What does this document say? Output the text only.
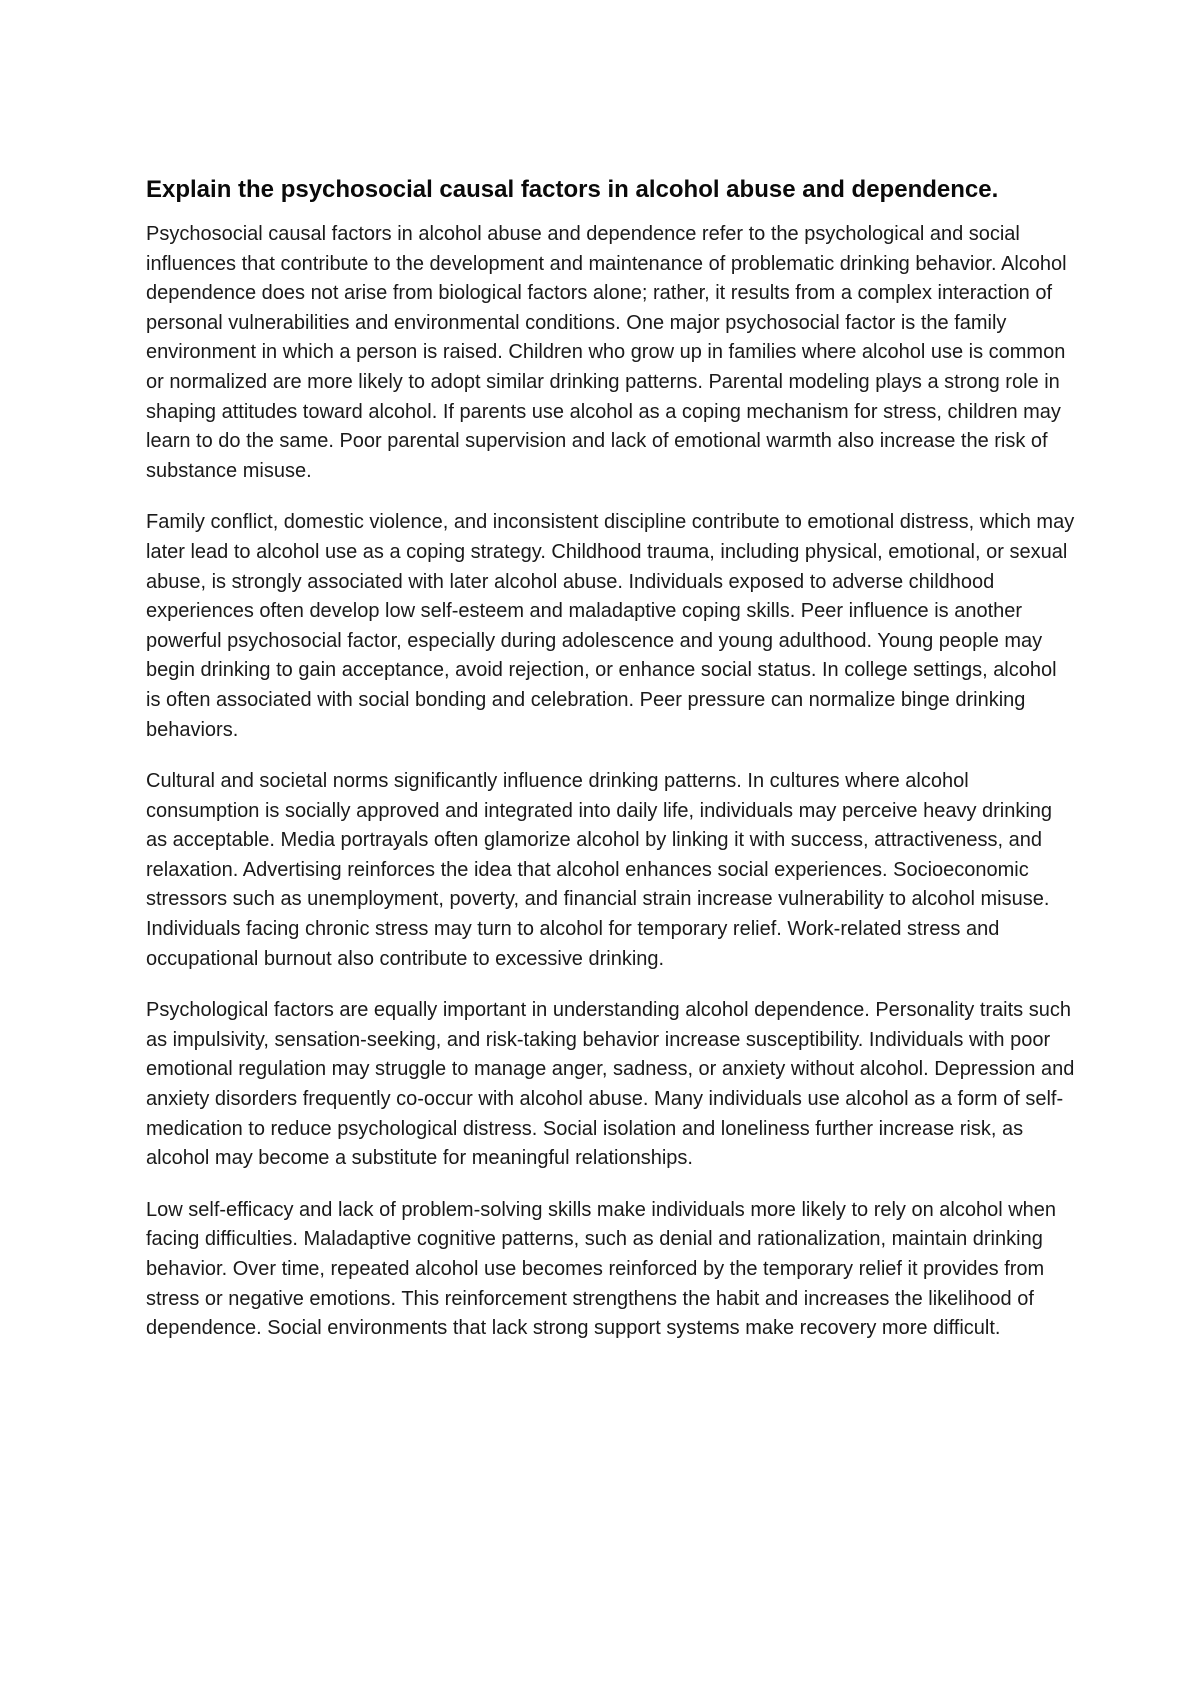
Explain the psychosocial causal factors in alcohol abuse and dependence.

Psychosocial causal factors in alcohol abuse and dependence refer to the psychological and social influences that contribute to the development and maintenance of problematic drinking behavior. Alcohol dependence does not arise from biological factors alone; rather, it results from a complex interaction of personal vulnerabilities and environmental conditions. One major psychosocial factor is the family environment in which a person is raised. Children who grow up in families where alcohol use is common or normalized are more likely to adopt similar drinking patterns. Parental modeling plays a strong role in shaping attitudes toward alcohol. If parents use alcohol as a coping mechanism for stress, children may learn to do the same. Poor parental supervision and lack of emotional warmth also increase the risk of substance misuse.

Family conflict, domestic violence, and inconsistent discipline contribute to emotional distress, which may later lead to alcohol use as a coping strategy. Childhood trauma, including physical, emotional, or sexual abuse, is strongly associated with later alcohol abuse. Individuals exposed to adverse childhood experiences often develop low self-esteem and maladaptive coping skills. Peer influence is another powerful psychosocial factor, especially during adolescence and young adulthood. Young people may begin drinking to gain acceptance, avoid rejection, or enhance social status. In college settings, alcohol is often associated with social bonding and celebration. Peer pressure can normalize binge drinking behaviors.

Cultural and societal norms significantly influence drinking patterns. In cultures where alcohol consumption is socially approved and integrated into daily life, individuals may perceive heavy drinking as acceptable. Media portrayals often glamorize alcohol by linking it with success, attractiveness, and relaxation. Advertising reinforces the idea that alcohol enhances social experiences. Socioeconomic stressors such as unemployment, poverty, and financial strain increase vulnerability to alcohol misuse. Individuals facing chronic stress may turn to alcohol for temporary relief. Work-related stress and occupational burnout also contribute to excessive drinking.

Psychological factors are equally important in understanding alcohol dependence. Personality traits such as impulsivity, sensation-seeking, and risk-taking behavior increase susceptibility. Individuals with poor emotional regulation may struggle to manage anger, sadness, or anxiety without alcohol. Depression and anxiety disorders frequently co-occur with alcohol abuse. Many individuals use alcohol as a form of self-medication to reduce psychological distress. Social isolation and loneliness further increase risk, as alcohol may become a substitute for meaningful relationships.

Low self-efficacy and lack of problem-solving skills make individuals more likely to rely on alcohol when facing difficulties. Maladaptive cognitive patterns, such as denial and rationalization, maintain drinking behavior. Over time, repeated alcohol use becomes reinforced by the temporary relief it provides from stress or negative emotions. This reinforcement strengthens the habit and increases the likelihood of dependence. Social environments that lack strong support systems make recovery more difficult.
